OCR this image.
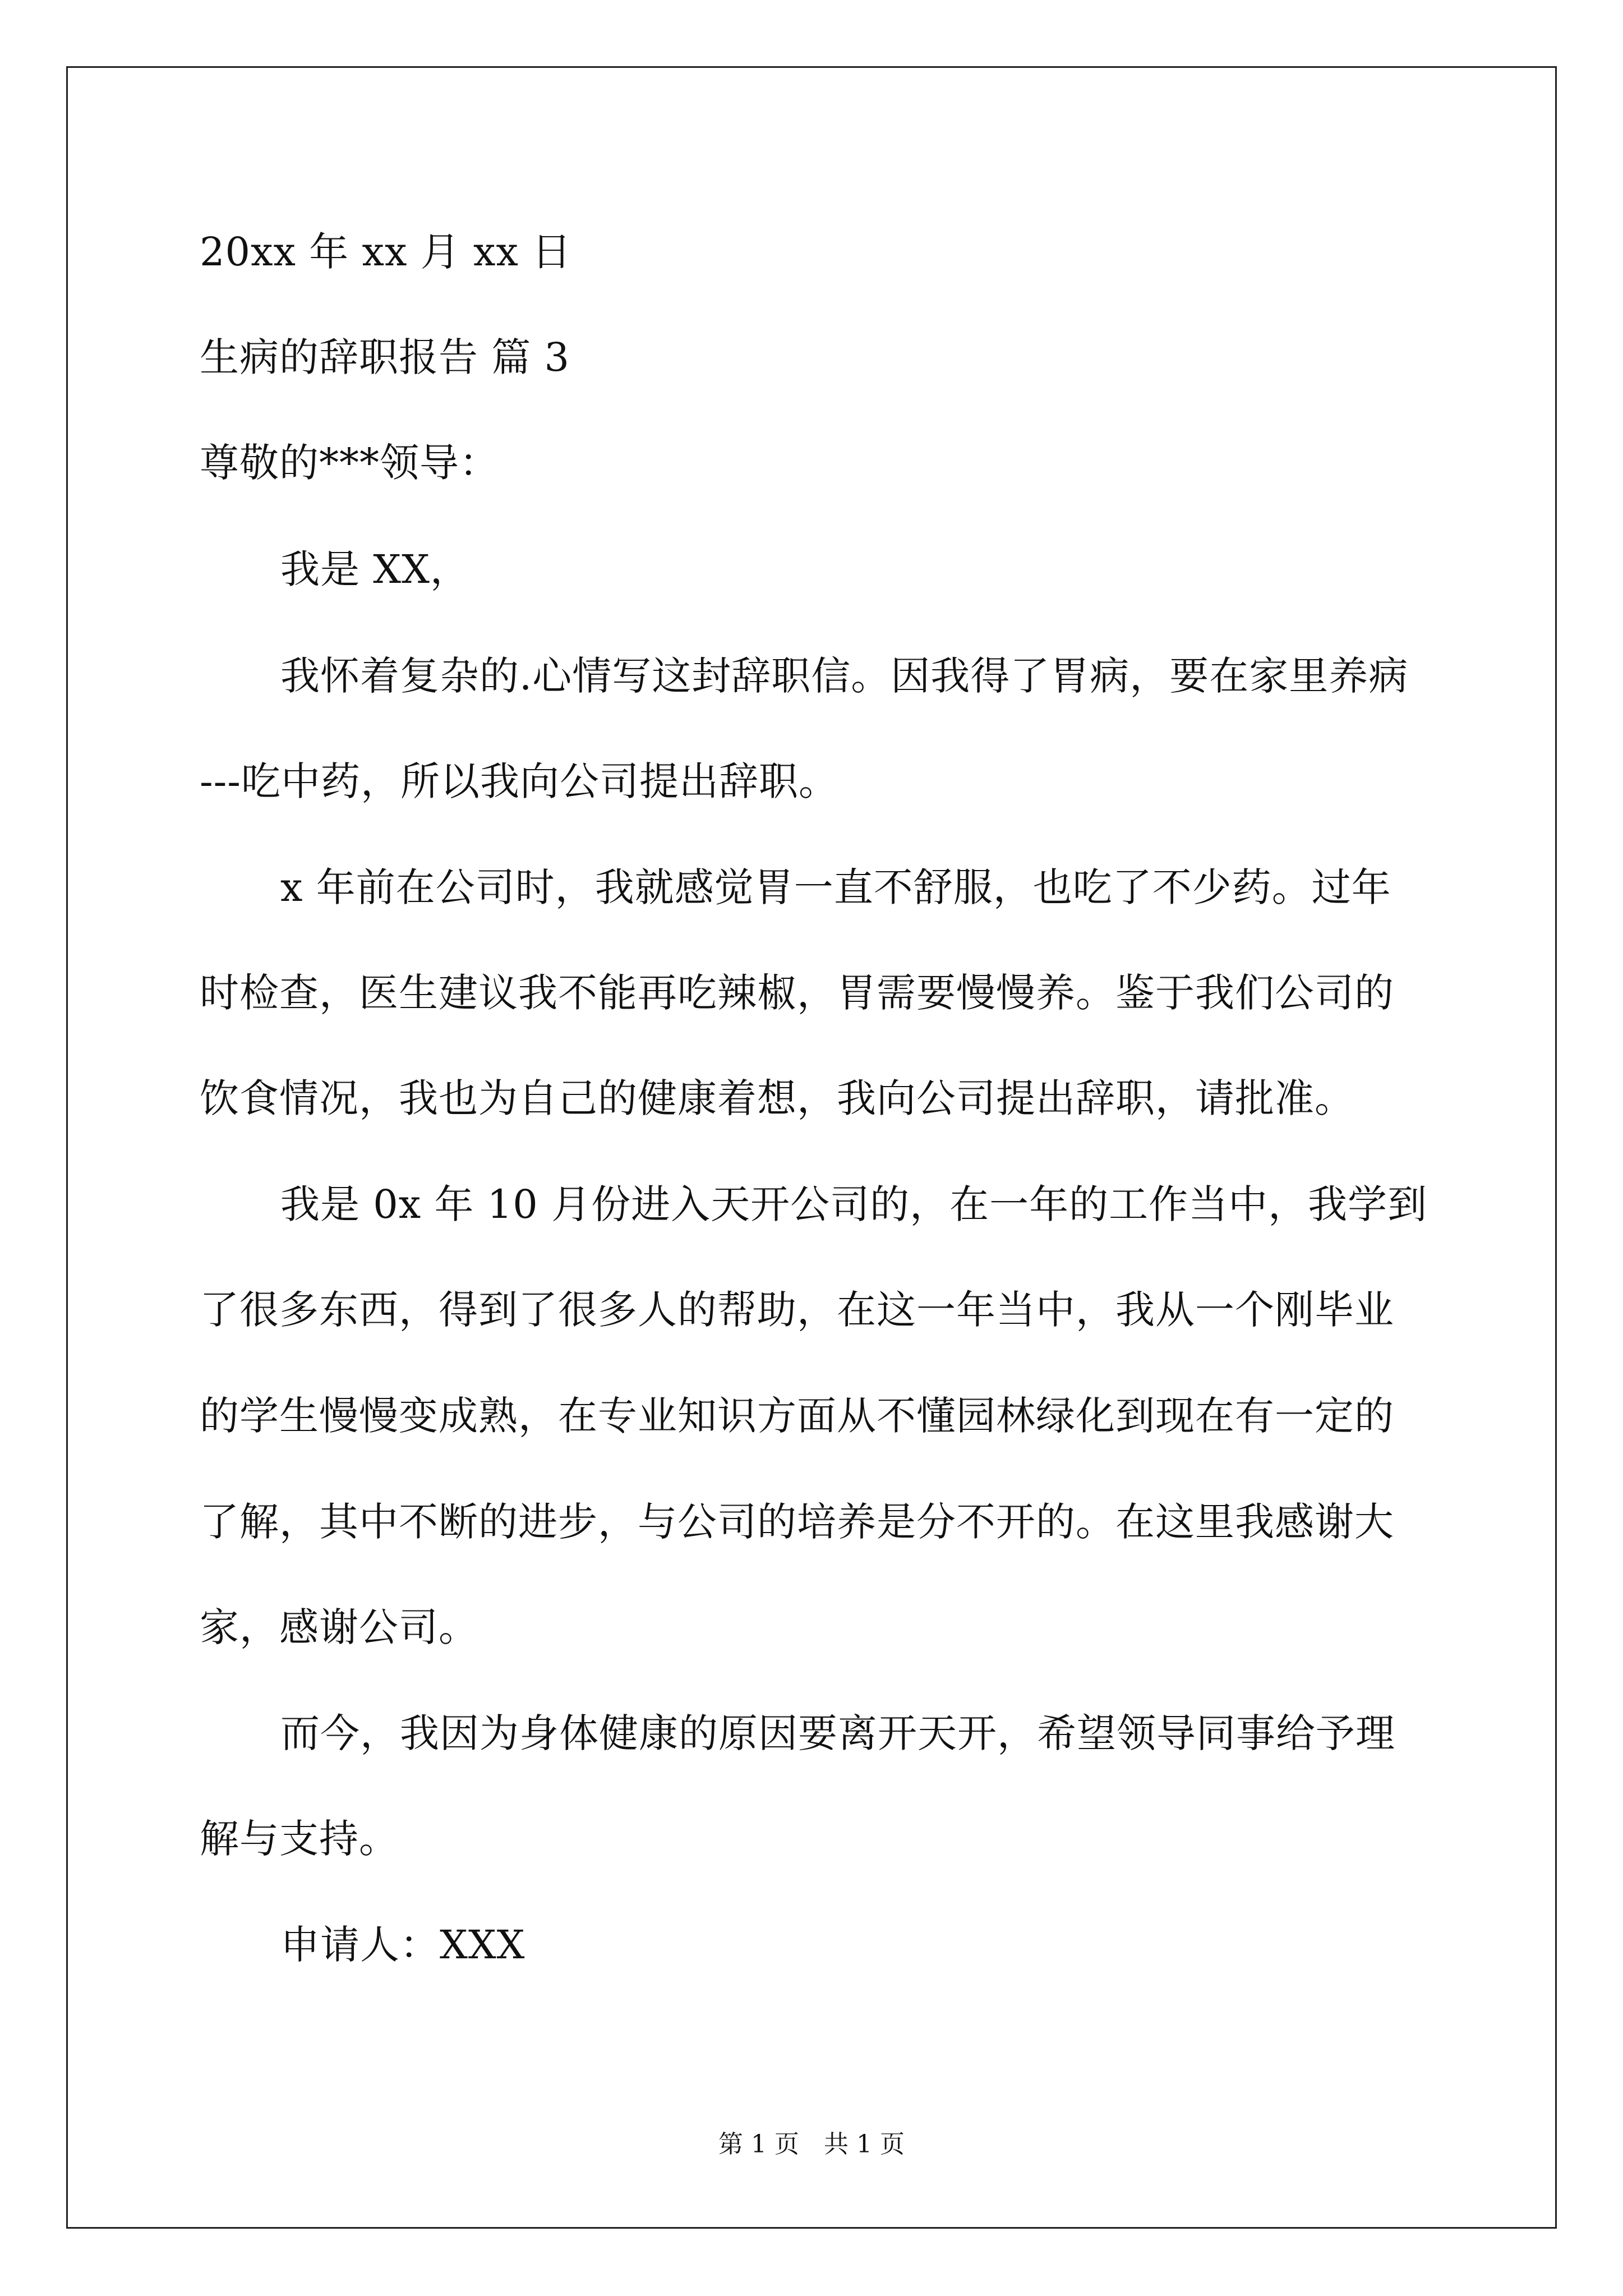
20xx 年 xx 月 xx 日
生病的辞职报告 篇 3
尊敬的***领导：
我是 XX，
我怀着复杂的.心情写这封辞职信。因我得了胃病，要在家里养病
---吃中药，所以我向公司提出辞职。
x 年前在公司时，我就感觉胃一直不舒服，也吃了不少药。过年
时检查，医生建议我不能再吃辣椒，胃需要慢慢养。鉴于我们公司的
饮食情况，我也为自己的健康着想，我向公司提出辞职，请批准。
我是 0x 年 10 月份进入天开公司的，在一年的工作当中，我学到
了很多东西，得到了很多人的帮助，在这一年当中，我从一个刚毕业
的学生慢慢变成熟，在专业知识方面从不懂园林绿化到现在有一定的
了解，其中不断的进步，与公司的培养是分不开的。在这里我感谢大
家，感谢公司。
而今，我因为身体健康的原因要离开天开，希望领导同事给予理
解与支持。
申请人：XXX
第 1 页　共 1 页
